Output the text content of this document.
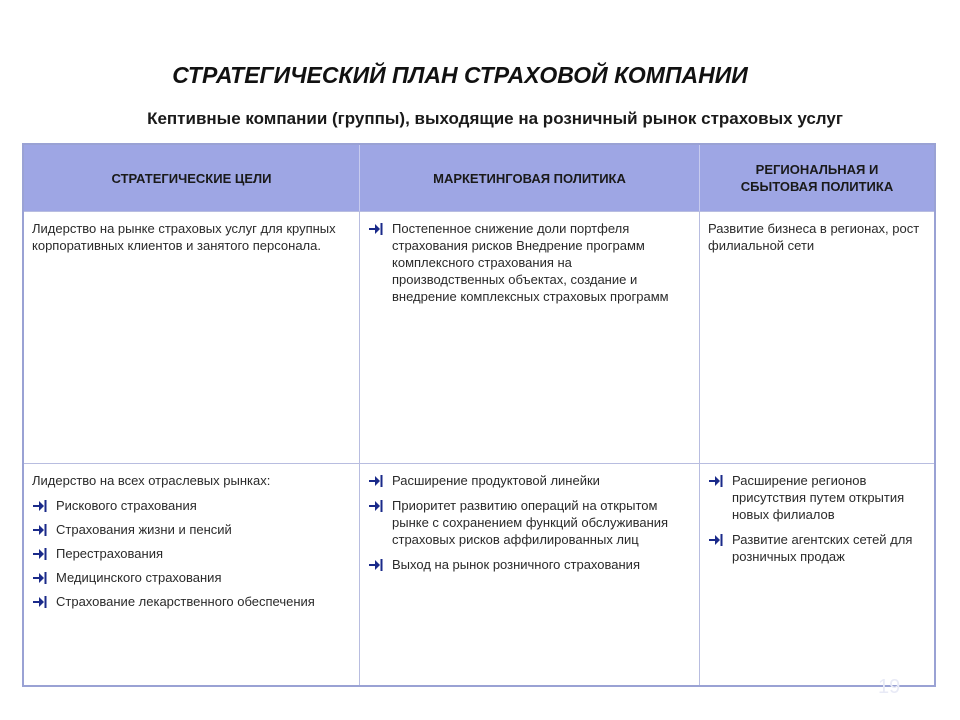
СТРАТЕГИЧЕСКИЙ ПЛАН СТРАХОВОЙ КОМПАНИИ
Кептивные компании (группы), выходящие на розничный рынок страховых услуг
СТРАТЕГИЧЕСКИЕ ЦЕЛИ	МАРКЕТИНГОВАЯ ПОЛИТИКА
РЕГИОНАЛЬНАЯ И СБЫТОВАЯ ПОЛИТИКА
Лидерство на рынке страховых услуг для крупных корпоративных клиентов и занятого персонала.
Постепенное снижение доли портфеля страхования рисков Внедрение программ комплексного страхования на производственных объектах, создание и внедрение комплексных страховых программ
Развитие бизнеса в регионах, рост филиальной сети
Лидерство на всех отраслевых рынках:
Рискового страхования
Страхования жизни и пенсий
Перестрахования
Медицинского страхования
Страхование лекарственного обеспечения
Расширение продуктовой линейки
Приоритет развитию операций на открытом рынке с сохранением функций обслуживания страховых рисков аффилированных лиц
Выход на рынок розничного страхования
Расширение регионов присутствия путем открытия новых филиалов
Развитие агентских сетей для розничных продаж
19
